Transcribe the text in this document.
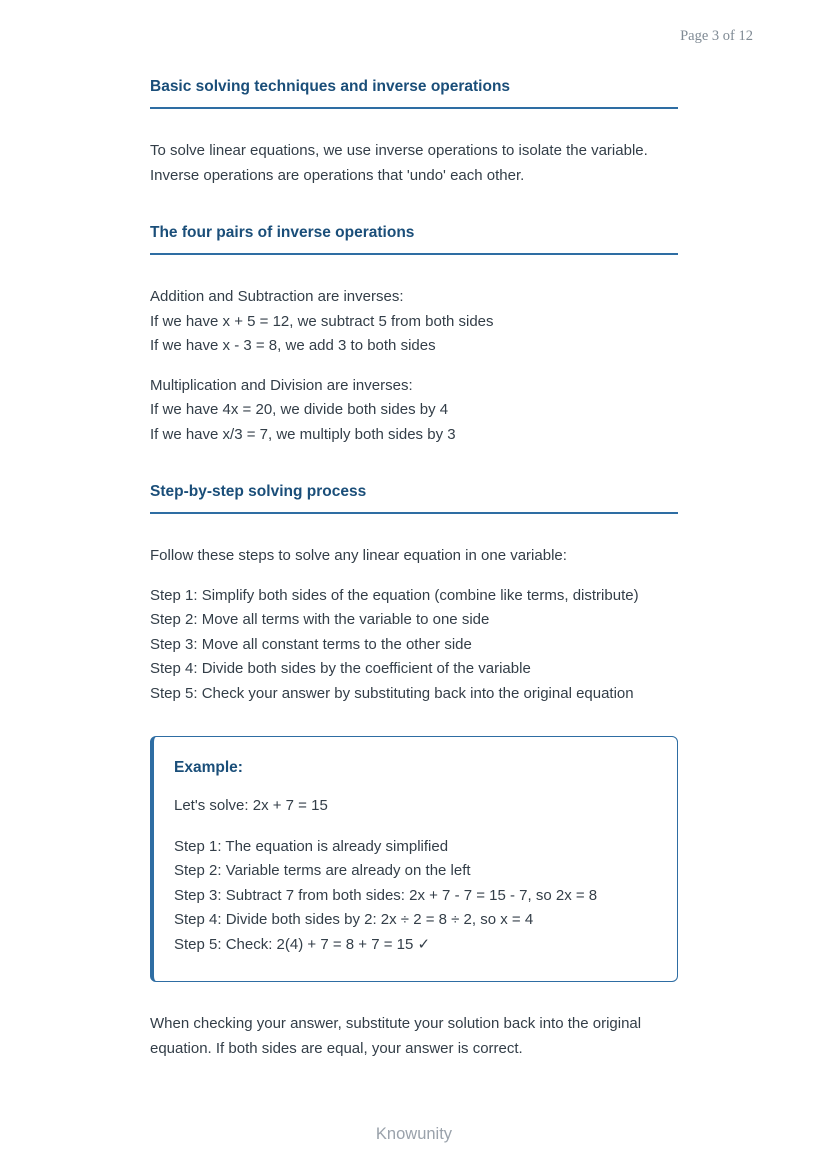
Page 3 of 12
Basic solving techniques and inverse operations

To solve linear equations, we use inverse operations to isolate the variable. Inverse operations are operations that 'undo' each other.

The four pairs of inverse operations
Addition and Subtraction are inverses:
If we have x + 5 = 12, we subtract 5 from both sides
If we have x - 3 = 8, we add 3 to both sides
Multiplication and Division are inverses:
If we have 4x = 20, we divide both sides by 4
If we have x/3 = 7, we multiply both sides by 3
Step-by-step solving process

Follow these steps to solve any linear equation in one variable:

Step 1: Simplify both sides of the equation (combine like terms, distribute)
Step 2: Move all terms with the variable to one side
Step 3: Move all constant terms to the other side
Step 4: Divide both sides by the coefficient of the variable
Step 5: Check your answer by substituting back into the original equation
Example:

Let's solve: 2x + 7 = 15

Step 1: The equation is already simplified
Step 2: Variable terms are already on the left
Step 3: Subtract 7 from both sides: 2x + 7 - 7 = 15 - 7, so 2x = 8
Step 4: Divide both sides by 2: 2x ÷ 2 = 8 ÷ 2, so x = 4
Step 5: Check: 2(4) + 7 = 8 + 7 = 15 ✓

When checking your answer, substitute your solution back into the original equation. If both sides are equal, your answer is correct.

Knowunity
